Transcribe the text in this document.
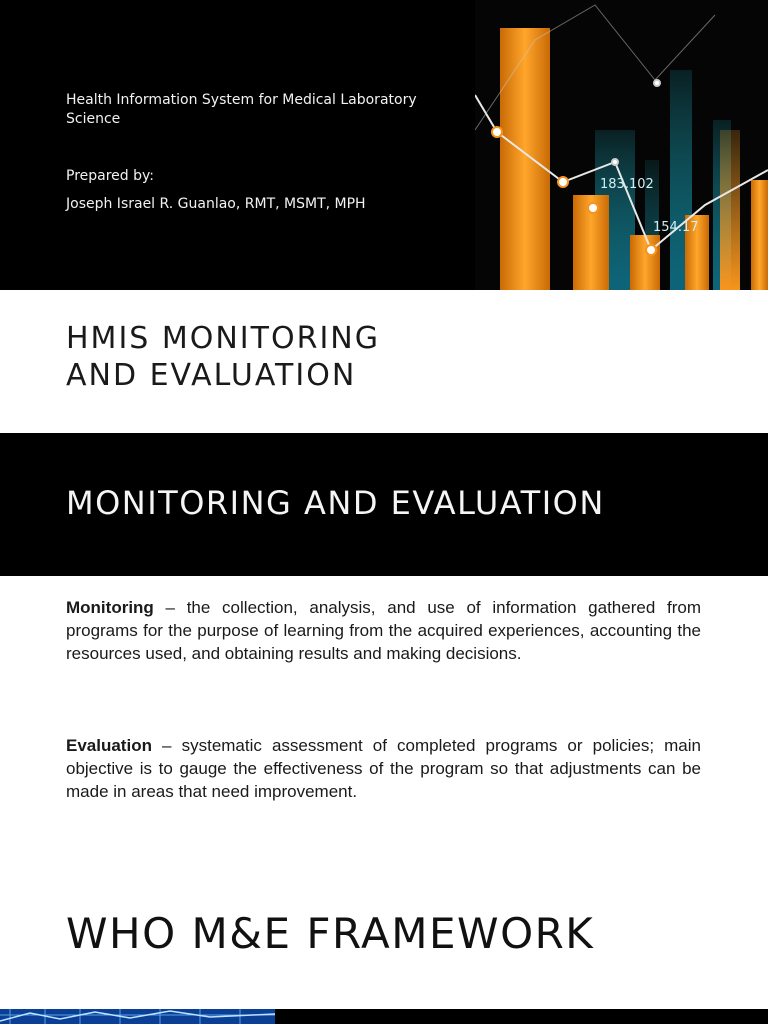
Health Information System for Medical Laboratory Science
Prepared by:
Joseph Israel R. Guanlao, RMT, MSMT, MPH
183.102
154.17
HMIS MONITORING
AND EVALUATION
MONITORING AND EVALUATION

Monitoring – the collection, analysis, and use of information gathered from programs for the purpose of learning from the acquired experiences, accounting the resources used, and obtaining results and making decisions.

Evaluation – systematic assessment of completed programs or policies; main objective is to gauge the effectiveness of the program so that adjustments can be made in areas that need improvement.

WHO M&E FRAMEWORK
